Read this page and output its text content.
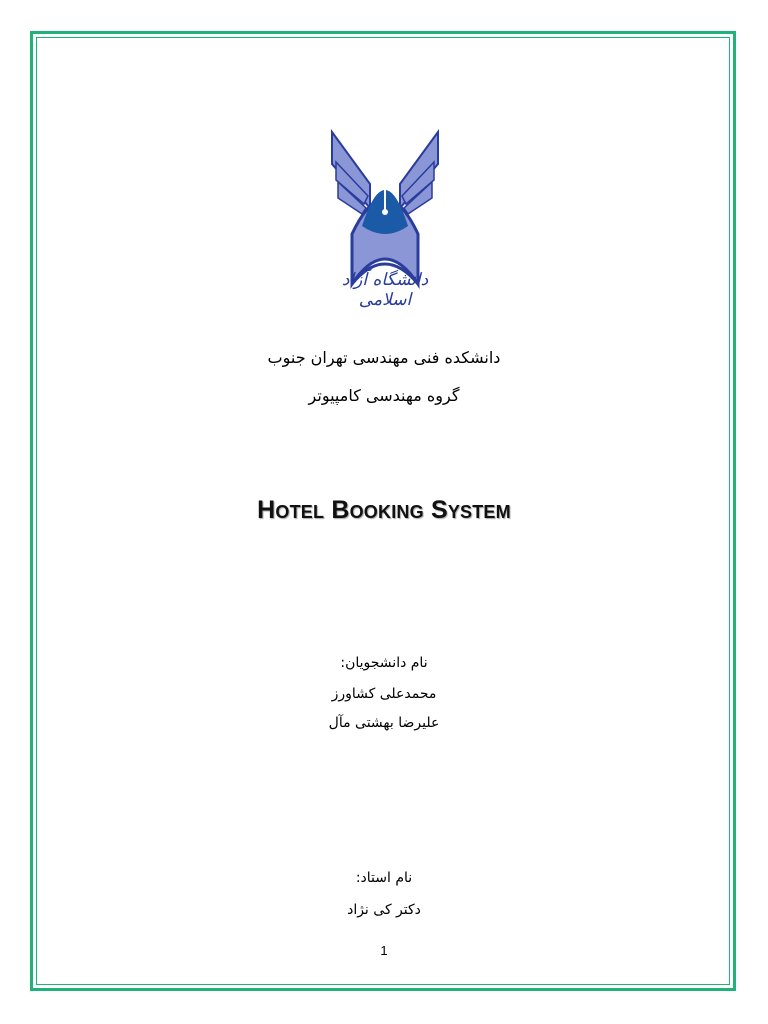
دانشگاه آزاد اسلامی
دانشکده فنی مهندسی تهران جنوب
گروه مهندسی کامپیوتر
Hotel Booking System
نام دانشجویان:
محمدعلی کشاورز
علیرضا بهشتی مآل
نام استاد:
دکتر کی نژاد
1
